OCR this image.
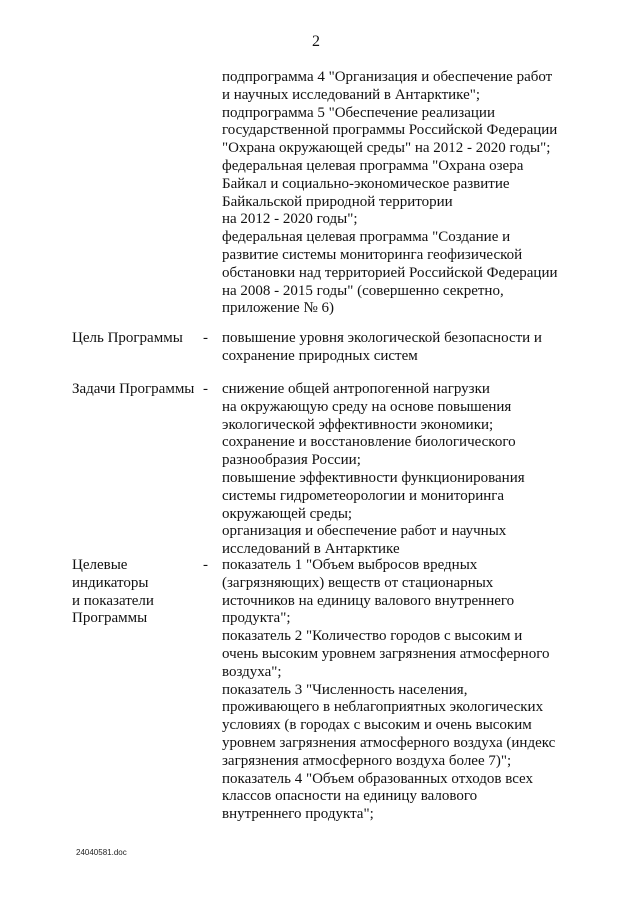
2
подпрограмма 4 "Организация и обеспечение работ
и научных исследований в Антарктике";
подпрограмма 5 "Обеспечение реализации
государственной программы Российской Федерации
"Охрана окружающей среды" на 2012 - 2020 годы";
федеральная целевая программа "Охрана озера
Байкал и социально-экономическое развитие
Байкальской природной территории
на 2012 - 2020 годы";
федеральная целевая программа "Создание и
развитие системы мониторинга геофизической
обстановки над территорией Российской Федерации
на 2008 - 2015 годы" (совершенно секретно,
приложение № 6)
Цель Программы	- повышение уровня экологической безопасности и
сохранение природных систем
Задачи Программы - снижение общей антропогенной нагрузки
на окружающую среду на основе повышения
экологической эффективности экономики;
сохранение и восстановление биологического
разнообразия России;
повышение эффективности функционирования
системы гидрометеорологии и мониторинга
окружающей среды;
организация и обеспечение работ и научных
исследований в Антарктике
Целевые
индикаторы
и показатели
Программы
- показатель 1 "Объем выбросов вредных
(загрязняющих) веществ от стационарных
источников на единицу валового внутреннего
продукта";
показатель 2 "Количество городов с высоким и
очень высоким уровнем загрязнения атмосферного
воздуха";
показатель 3 "Численность населения,
проживающего в неблагоприятных экологических
условиях (в городах с высоким и очень высоким
уровнем загрязнения атмосферного воздуха (индекс
загрязнения атмосферного воздуха более 7)";
показатель 4 "Объем образованных отходов всех
классов опасности на единицу валового
внутреннего продукта";
24040581.doc
